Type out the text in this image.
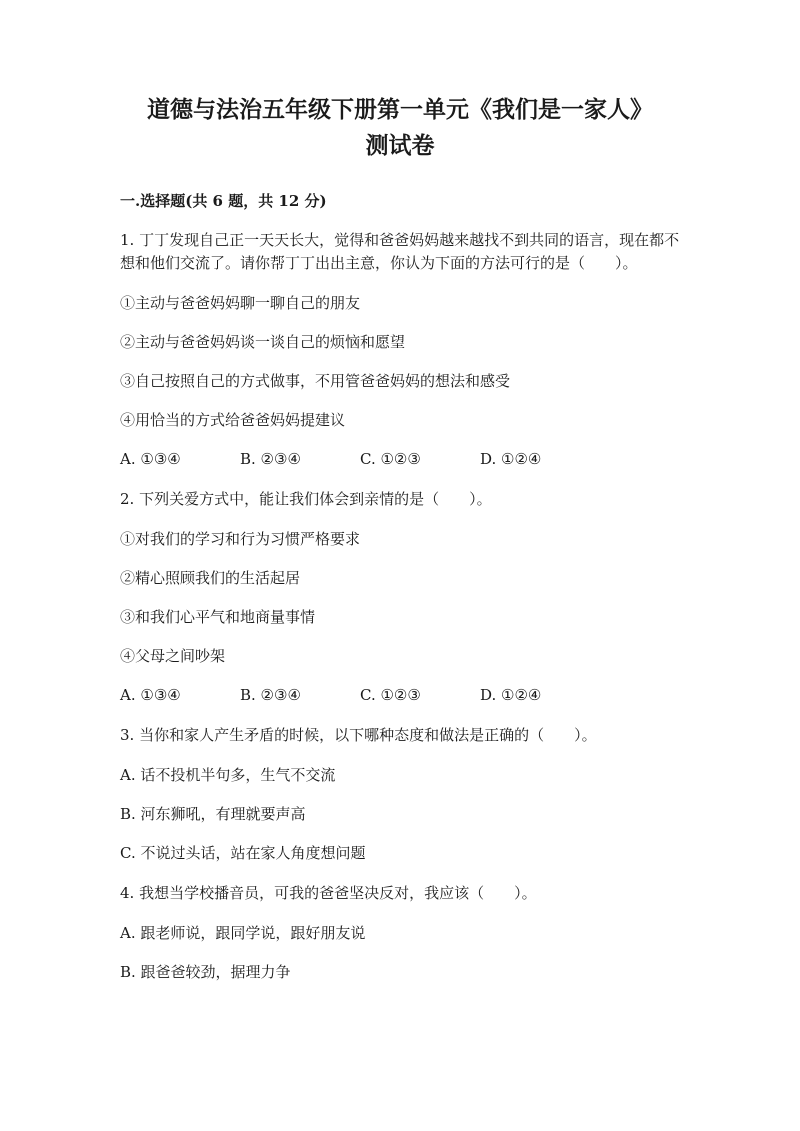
道德与法治五年级下册第一单元《我们是一家人》
测试卷
一.选择题(共 6 题，共 12 分)

1. 丁丁发现自己正一天天长大，觉得和爸爸妈妈越来越找不到共同的语言，现在都不想和他们交流了。请你帮丁丁出出主意，你认为下面的方法可行的是（　　）。

①主动与爸爸妈妈聊一聊自己的朋友
②主动与爸爸妈妈谈一谈自己的烦恼和愿望
③自己按照自己的方式做事，不用管爸爸妈妈的想法和感受
④用恰当的方式给爸爸妈妈提建议
A. ①③④	B. ②③④	C. ①②③	D. ①②④

2. 下列关爱方式中，能让我们体会到亲情的是（　　）。

①对我们的学习和行为习惯严格要求
②精心照顾我们的生活起居
③和我们心平气和地商量事情
④父母之间吵架
A. ①③④	B. ②③④	C. ①②③	D. ①②④

3. 当你和家人产生矛盾的时候，以下哪种态度和做法是正确的（　　）。

A. 话不投机半句多，生气不交流
B. 河东狮吼，有理就要声高
C. 不说过头话，站在家人角度想问题

4. 我想当学校播音员，可我的爸爸坚决反对，我应该（　　）。

A. 跟老师说，跟同学说，跟好朋友说
B. 跟爸爸较劲，据理力争
